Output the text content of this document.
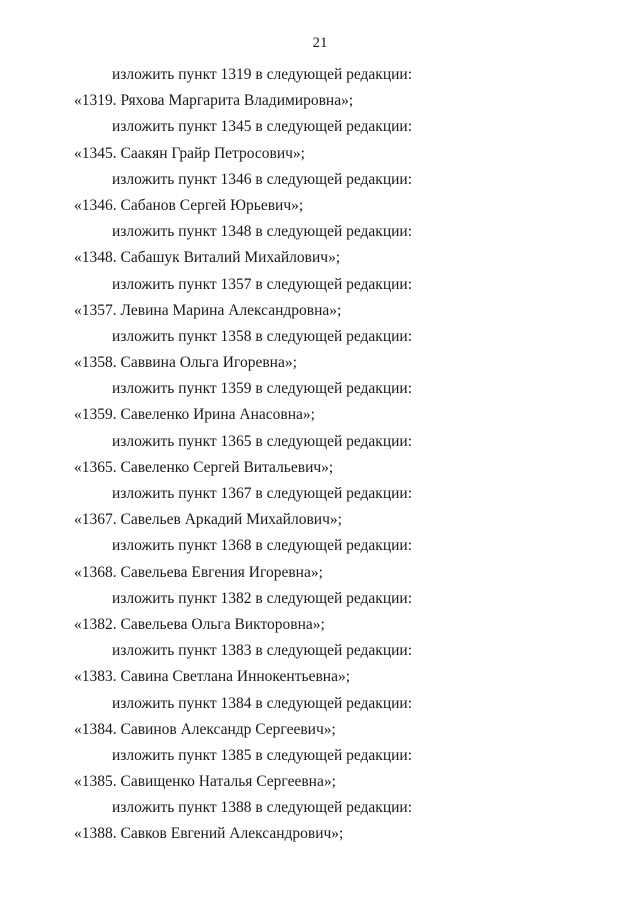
21
изложить пункт 1319 в следующей редакции:
«1319. Ряхова Маргарита Владимировна»;
изложить пункт 1345 в следующей редакции:
«1345. Саакян Грайр Петросович»;
изложить пункт 1346 в следующей редакции:
«1346. Сабанов Сергей Юрьевич»;
изложить пункт 1348 в следующей редакции:
«1348. Сабашук Виталий Михайлович»;
изложить пункт 1357 в следующей редакции:
«1357. Левина Марина Александровна»;
изложить пункт 1358 в следующей редакции:
«1358. Саввина Ольга Игоревна»;
изложить пункт 1359 в следующей редакции:
«1359. Савеленко Ирина Анасовна»;
изложить пункт 1365 в следующей редакции:
«1365. Савеленко Сергей Витальевич»;
изложить пункт 1367 в следующей редакции:
«1367. Савельев Аркадий Михайлович»;
изложить пункт 1368 в следующей редакции:
«1368. Савельева Евгения Игоревна»;
изложить пункт 1382 в следующей редакции:
«1382. Савельева Ольга Викторовна»;
изложить пункт 1383 в следующей редакции:
«1383. Савина Светлана Иннокентьевна»;
изложить пункт 1384 в следующей редакции:
«1384. Савинов Александр Сергеевич»;
изложить пункт 1385 в следующей редакции:
«1385. Савищенко Наталья Сергеевна»;
изложить пункт 1388 в следующей редакции:
«1388. Савков Евгений Александрович»;
